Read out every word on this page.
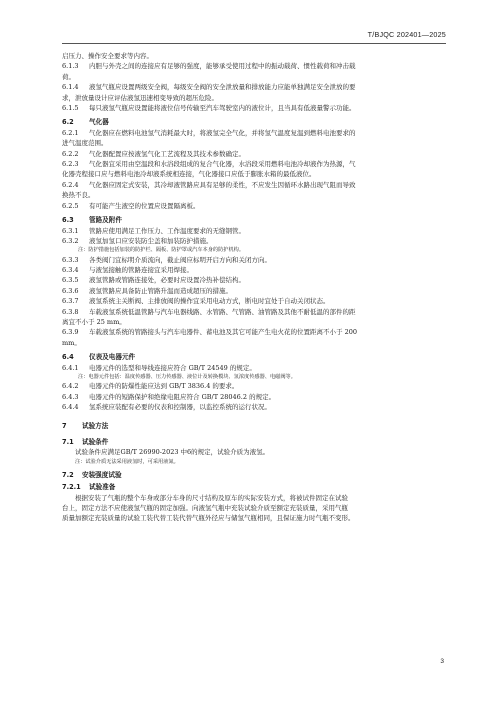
T/BJQC 202401—2025
启压力、操作安全要求等内容。
6.1.3 内胆与外壳之间的连接应有足够的强度，能够承受使用过程中的振动载荷、惯性载荷和冲击载
荷。
6.1.4 液氢气瓶应设置两级安全阀，每级安全阀的安全泄放量和排放能力应能单独满足安全泄放的要
求，泄放量设计应评估液氢迅速相变导致的超压危险。
6.1.5 每只液氢气瓶应设置能将液位信号传输至汽车驾驶室内的液位计，且当具有低液量警示功能。
6.2 气化器
6.2.1 气化器应在燃料电池氢气消耗最大时，将液氢完全气化，并将氢气温度复温到燃料电池要求的
进气温度范围。
6.2.2 气化器配置应按液氢气化工艺流程及其技术参数确定。
6.2.3 气化器宜采用由空温段和水浴段组成的复合气化器，水浴段采用燃料电池冷却液作为热源，气
化器壳程接口应与燃料电池冷却液系统相连接，气化器接口应低于膨胀水箱的最低液位。
6.2.4 气化器应固定式安装，其冷却液管路应具有足够的柔性，不应发生因循环水路出现气阻而导致
换热不良。
6.2.5 有可能产生液空的位置应设置隔离板。
6.3 管路及附件
6.3.1 管路应使用满足工作压力、工作温度要求的无缝钢管。
6.3.2 液氢加氢口应安装防尘盖和加装防护措施。
注：防护措施包括加装的防护栏、隔板、防护罩或汽车本身的防护机构。
6.3.3 各类阀门宜标明介质流向，截止阀应标明开启方向和关闭方向。
6.3.4 与液氢接触的管路连接宜采用焊接。
6.3.5 液氢管路或管路连接处，必要时应设置冷热补偿结构。
6.3.6 液氢管路应具备防止管路升温而造成超压的措施。
6.3.7 液氢系统主关断阀、主排放阀的操作宜采用电动方式，断电时宜处于自动关闭状态。
6.3.8 车载液氢系统低温管路与汽车电器线路、水管路、气管路、油管路及其他不耐低温的部件的距
离宜不小于 25 mm。
6.3.9 车载液氢系统的管路接头与汽车电器件、蓄电池及其它可能产生电火花的位置距离不小于 200
mm。
6.4 仪表及电器元件
6.4.1 电器元件的选型和导线连接应符合 GB/T 24549 的规定。
注：电器元件包括：温度传感器、压力传感器、液位计及转换模块、氢浓度传感器、电磁阀等。
6.4.2 电器元件的防爆性能应达到 GB/T 3836.4 的要求。
6.4.3 电器元件的短路保护和绝缘电阻应符合 GB/T 28046.2 的规定。
6.4.4 氢系统应装配有必要的仪表和控制器，以监控系统的运行状况。
7 试验方法
7.1 试验条件
试验条件应满足GB/T 26990-2023 中6的规定，试验介质为液氢。
注：试验介质无法采用液氢时，可采用液氮。
7.2 安装强度试验
7.2.1 试验准备
根据安装了气瓶的整个车身或部分车身的尺寸结构及原车的实际安装方式，将被试件固定在试验
台上，固定方法不应使液氢气瓶的固定加强。向液氢气瓶中充装试验介质至额定充装质量，采用气瓶
质量加额定充装质量的试验工装代替工装代替气瓶外径应与储氢气瓶相同，且保证施力时气瓶不变形。
3
